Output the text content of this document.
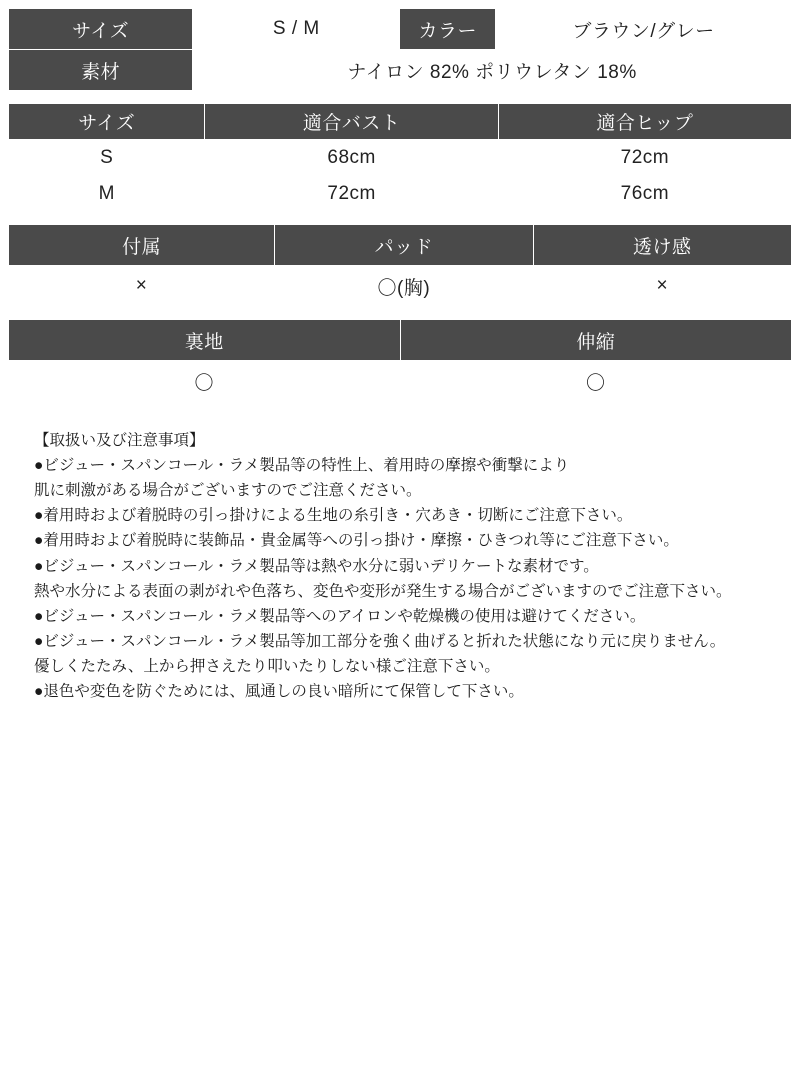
サイズ	S / M	カラー	ブラウン/グレー
素材	ナイロン 82% ポリウレタン 18%		
サイズ	適合バスト	適合ヒップ
S	68cm	72cm
M	72cm	76cm
付属	パッド	透け感
×	〇(胸)	×
裏地	伸縮
〇	〇
【取扱い及び注意事項】
●ビジュー・スパンコール・ラメ製品等の特性上、着用時の摩擦や衝撃により
肌に刺激がある場合がございますのでご注意ください。
●着用時および着脱時の引っ掛けによる生地の糸引き・穴あき・切断にご注意下さい。
●着用時および着脱時に装飾品・貴金属等への引っ掛け・摩擦・ひきつれ等にご注意下さい。
●ビジュー・スパンコール・ラメ製品等は熱や水分に弱いデリケートな素材です。
熱や水分による表面の剥がれや色落ち、変色や変形が発生する場合がございますのでご注意下さい。
●ビジュー・スパンコール・ラメ製品等へのアイロンや乾燥機の使用は避けてください。
●ビジュー・スパンコール・ラメ製品等加工部分を強く曲げると折れた状態になり元に戻りません。
優しくたたみ、上から押さえたり叩いたりしない様ご注意下さい。
●退色や変色を防ぐためには、風通しの良い暗所にて保管して下さい。
